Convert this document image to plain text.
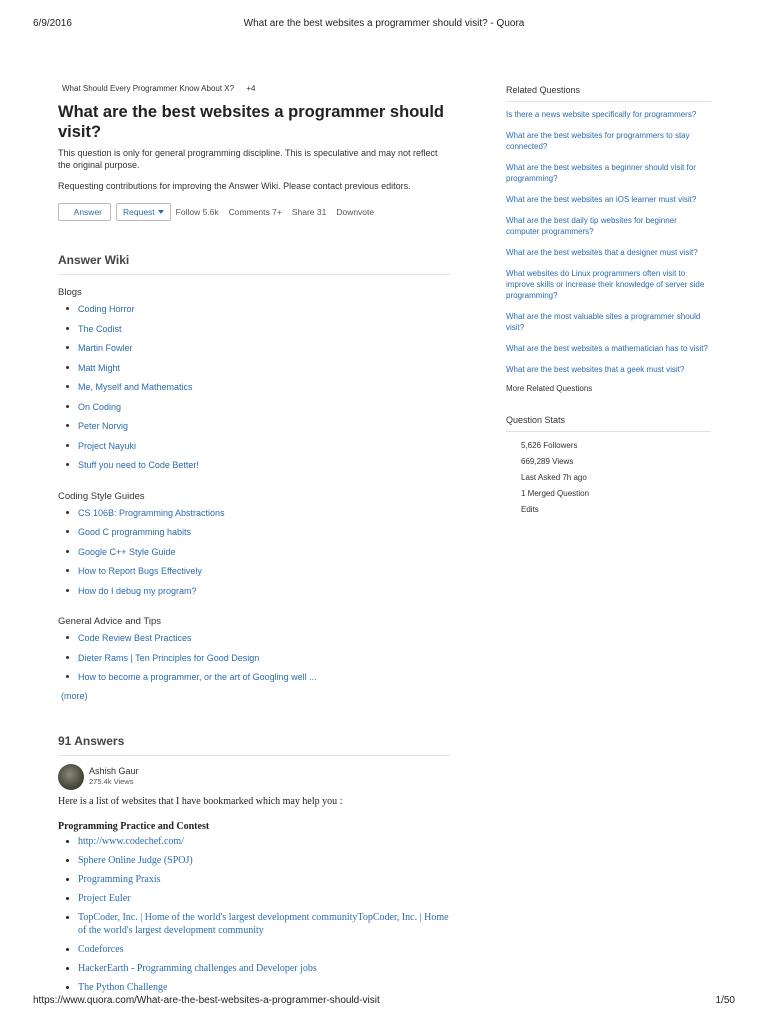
6/9/2016	What are the best websites a programmer should visit? - Quora
What Should Every Programmer Know About X? +4
What are the best websites a programmer should visit?

This question is only for general programming discipline. This is speculative and may not reflect the original purpose.

Requesting contributions for improving the Answer Wiki. Please contact previous editors.

Answer Request Follow 5.6k Comments 7+ Share 31 Downvote
Answer Wiki
Blogs
Coding Horror
The Codist
Martin Fowler
Matt Might
Me, Myself and Mathematics
On Coding
Peter Norvig
Project Nayuki
Stuff you need to Code Better!
Coding Style Guides
CS 106B: Programming Abstractions
Good C programming habits
Google C++ Style Guide
How to Report Bugs Effectively
How do I debug my program?
General Advice and Tips
Code Review Best Practices
Dieter Rams | Ten Principles for Good Design
How to become a programmer, or the art of Googling well ...
(more)
91 Answers
Ashish Gaur
275.4k Views

Here is a list of websites that I have bookmarked which may help you :

Programming Practice and Contest
http://www.codechef.com/
Sphere Online Judge (SPOJ)
Programming Praxis
Project Euler
TopCoder, Inc. | Home of the world's largest development communityTopCoder, Inc. | Home of the world's largest development community
Codeforces
HackerEarth - Programming challenges and Developer jobs
The Python Challenge
Related Questions
Is there a news website specifically for programmers?
What are the best websites for programmers to stay connected?
What are the best websites a beginner should visit for programming?
What are the best websites an iOS learner must visit?
What are the best daily tip websites for beginner computer programmers?
What are the best websites that a designer must visit?
What websites do Linux programmers often visit to improve skills or increase their knowledge of server side programming?
What are the most valuable sites a programmer should visit?
What are the best websites a mathematician has to visit?
What are the best websites that a geek must visit?
More Related Questions
Question Stats
5,626 Followers
669,289 Views
Last Asked 7h ago
1 Merged Question
Edits
https://www.quora.com/What-are-the-best-websites-a-programmer-should-visit	1/50
